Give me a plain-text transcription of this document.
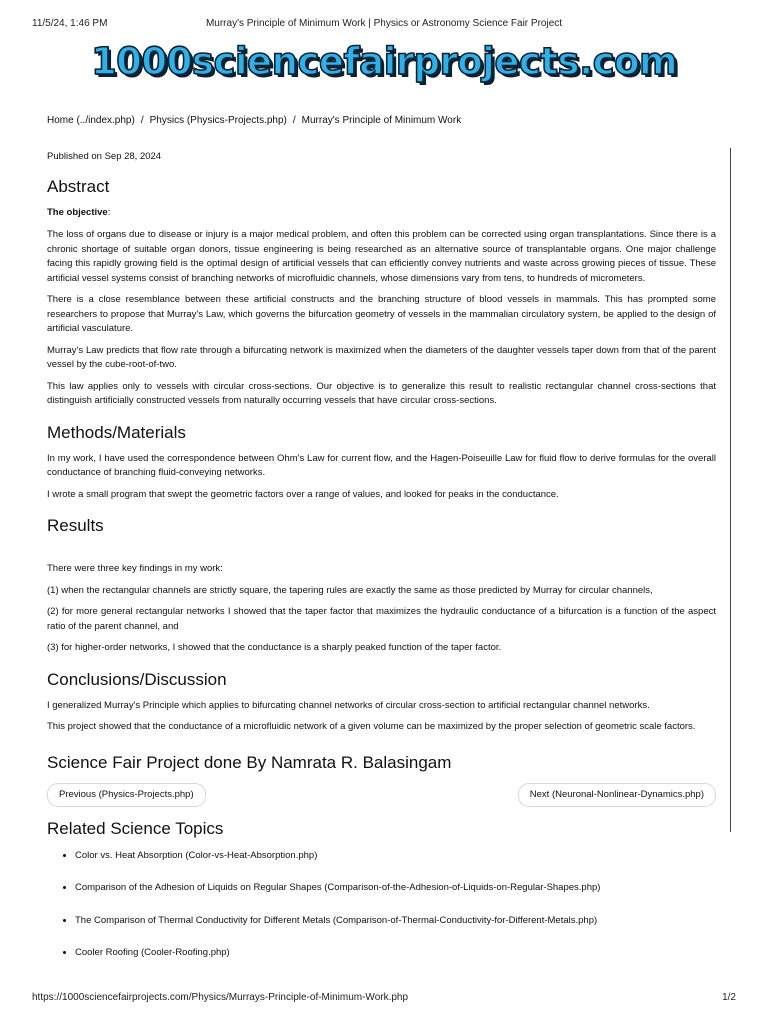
11/5/24, 1:46 PM	Murray's Principle of Minimum Work | Physics or Astronomy Science Fair Project
1000sciencefairprojects.com
Home (../index.php) / Physics (Physics-Projects.php) / Murray's Principle of Minimum Work

Published on Sep 28, 2024

Abstract

The objective:

The loss of organs due to disease or injury is a major medical problem, and often this problem can be corrected using organ transplantations. Since there is a chronic shortage of suitable organ donors, tissue engineering is being researched as an alternative source of transplantable organs. One major challenge facing this rapidly growing field is the optimal design of artificial vessels that can efficiently convey nutrients and waste across growing pieces of tissue. These artificial vessel systems consist of branching networks of microfluidic channels, whose dimensions vary from tens, to hundreds of micrometers.

There is a close resemblance between these artificial constructs and the branching structure of blood vessels in mammals. This has prompted some researchers to propose that Murray's Law, which governs the bifurcation geometry of vessels in the mammalian circulatory system, be applied to the design of artificial vasculature.

Murray's Law predicts that flow rate through a bifurcating network is maximized when the diameters of the daughter vessels taper down from that of the parent vessel by the cube-root-of-two.

This law applies only to vessels with circular cross-sections. Our objective is to generalize this result to realistic rectangular channel cross-sections that distinguish artificially constructed vessels from naturally occurring vessels that have circular cross-sections.

Methods/Materials

In my work, I have used the correspondence between Ohm's Law for current flow, and the Hagen-Poiseuille Law for fluid flow to derive formulas for the overall conductance of branching fluid-conveying networks.

I wrote a small program that swept the geometric factors over a range of values, and looked for peaks in the conductance.

Results

There were three key findings in my work:

(1) when the rectangular channels are strictly square, the tapering rules are exactly the same as those predicted by Murray for circular channels,

(2) for more general rectangular networks I showed that the taper factor that maximizes the hydraulic conductance of a bifurcation is a function of the aspect ratio of the parent channel, and

(3) for higher-order networks, I showed that the conductance is a sharply peaked function of the taper factor.

Conclusions/Discussion

I generalized Murray's Principle which applies to bifurcating channel networks of circular cross-section to artificial rectangular channel networks.

This project showed that the conductance of a microfluidic network of a given volume can be maximized by the proper selection of geometric scale factors.

Science Fair Project done By Namrata R. Balasingam
Previous (Physics-Projects.php)	Next (Neuronal-Nonlinear-Dynamics.php)
Related Science Topics
• Color vs. Heat Absorption (Color-vs-Heat-Absorption.php)
• Comparison of the Adhesion of Liquids on Regular Shapes (Comparison-of-the-Adhesion-of-Liquids-on-Regular-Shapes.php)
• The Comparison of Thermal Conductivity for Different Metals (Comparison-of-Thermal-Conductivity-for-Different-Metals.php)
• Cooler Roofing (Cooler-Roofing.php)
https://1000sciencefairprojects.com/Physics/Murrays-Principle-of-Minimum-Work.php	1/2
